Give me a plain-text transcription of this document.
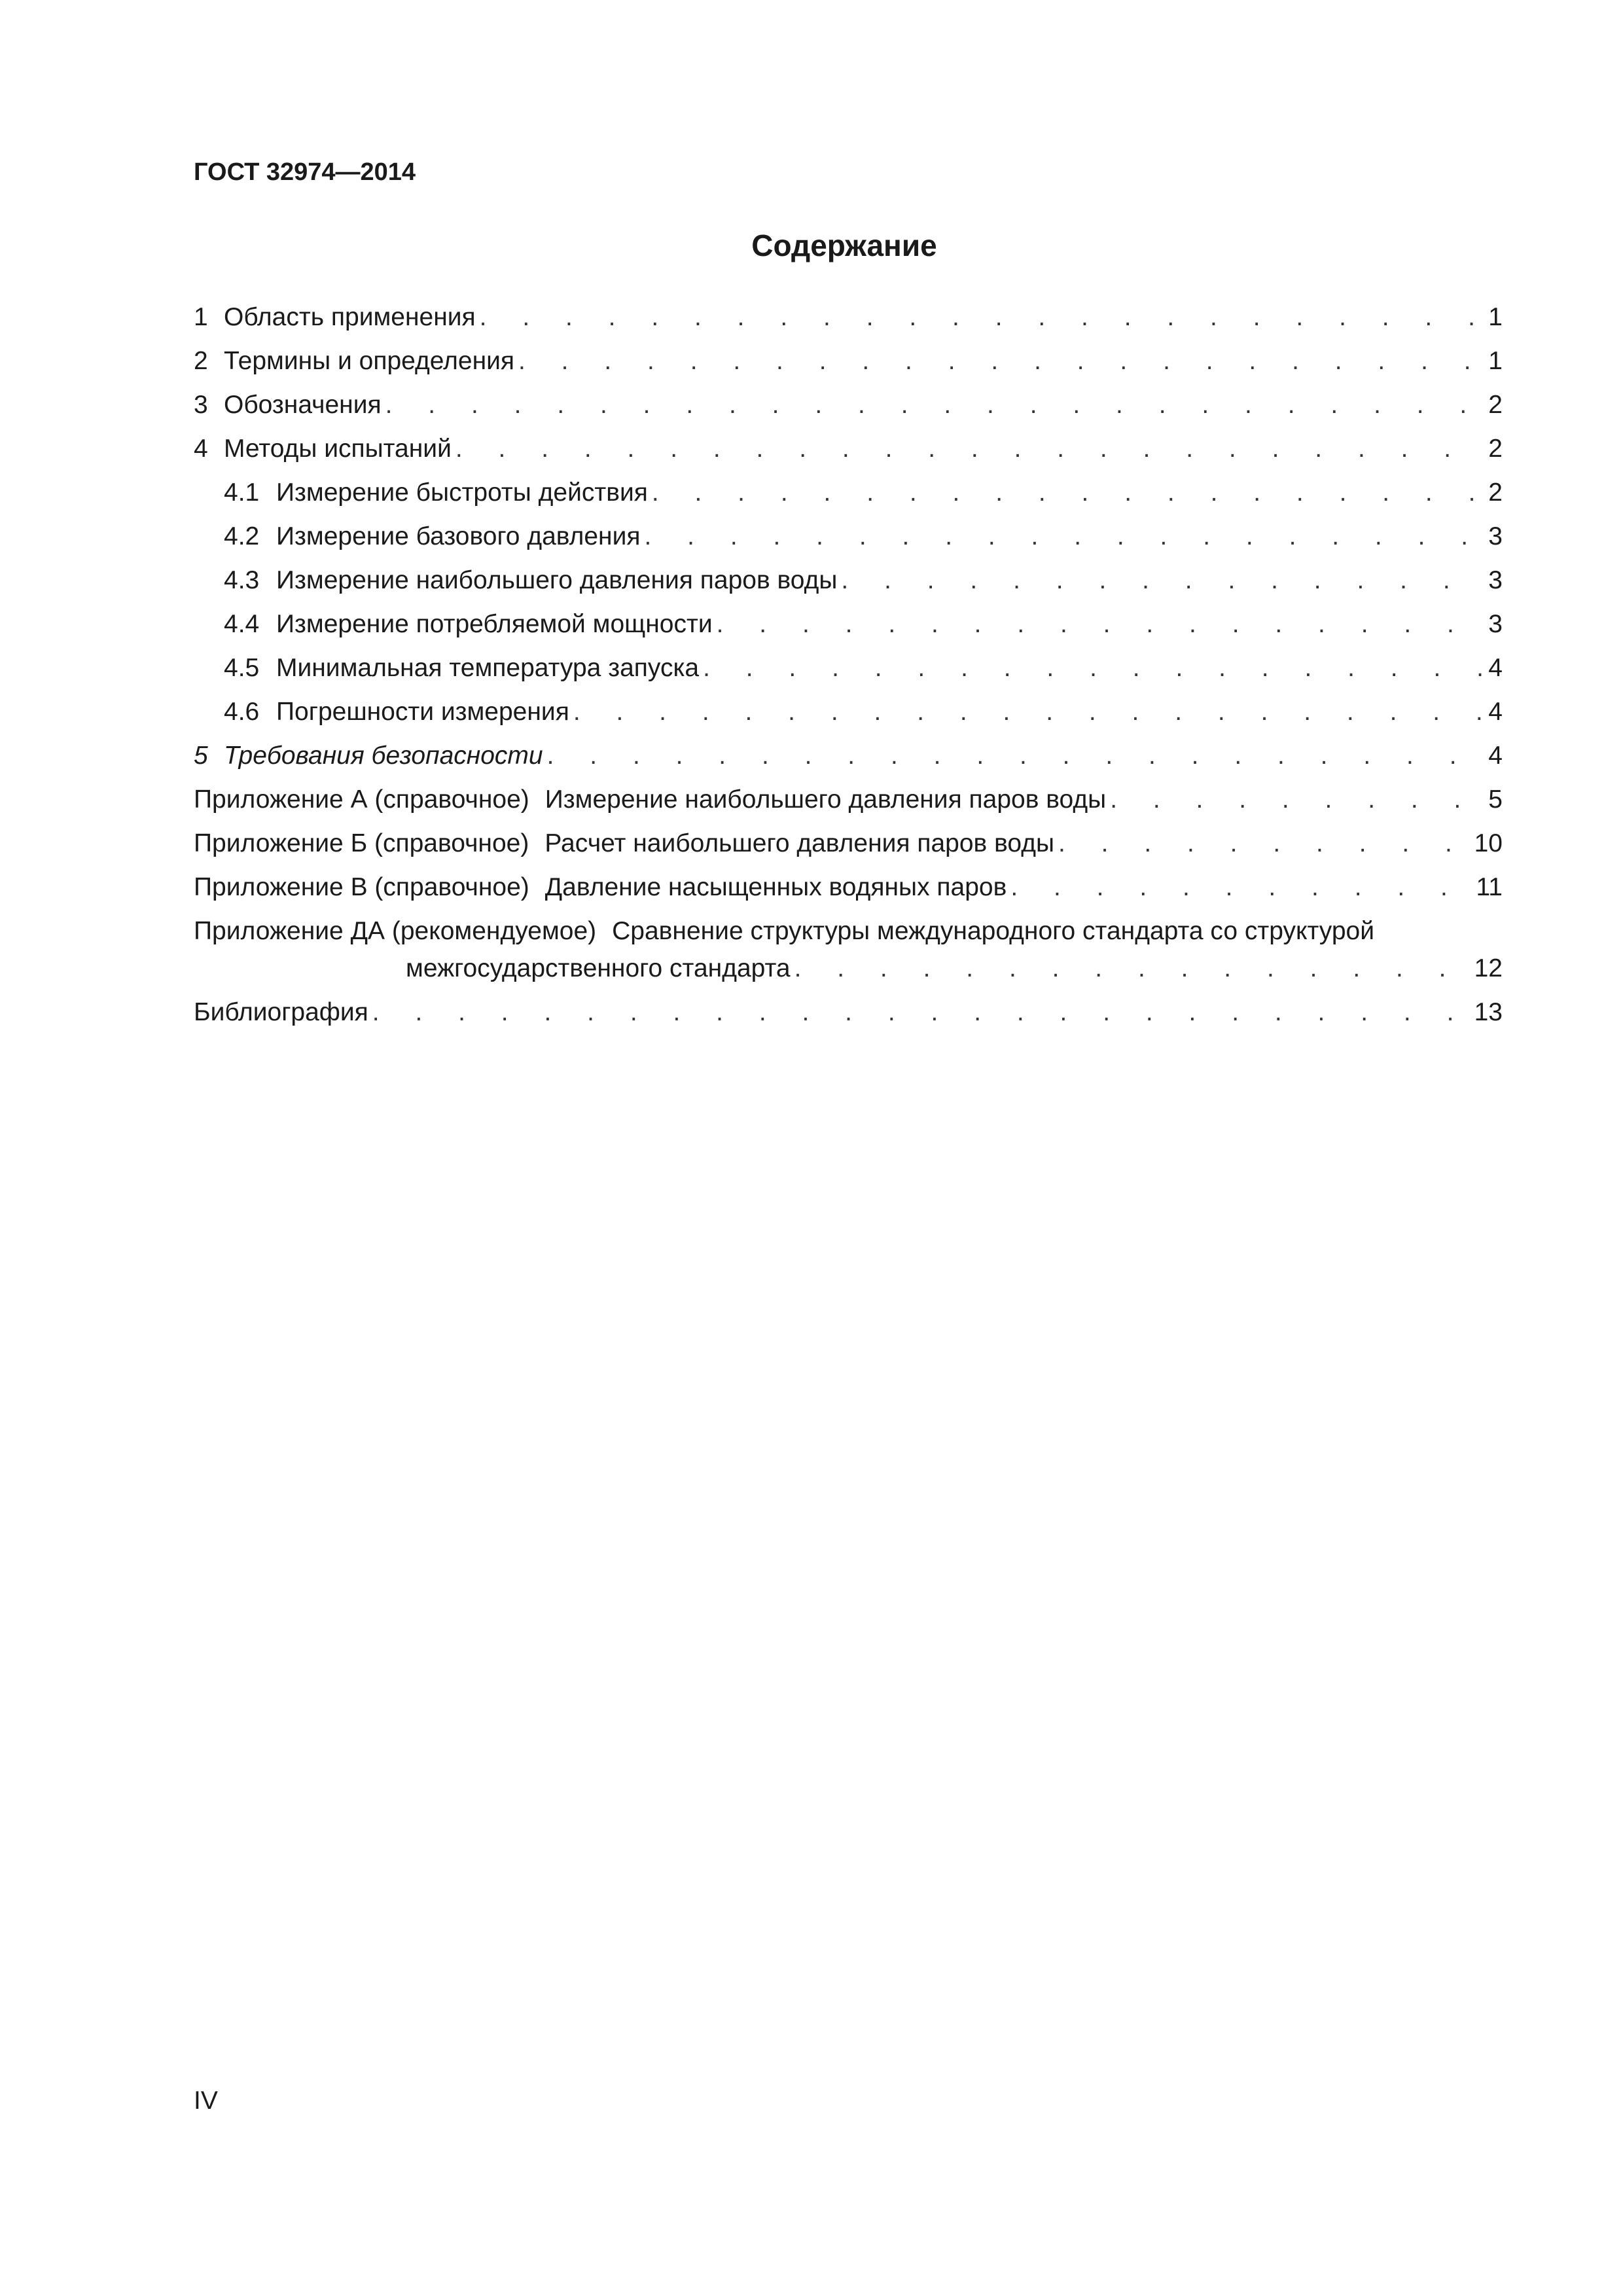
ГОСТ 32974—2014
Содержание
1 Область применения . . .	1
2 Термины и определения . . .	1
3 Обозначения . . .	2
4 Методы испытаний . . .	2
4.1 Измерение быстроты действия . . .	2
4.2 Измерение базового давления . . .	3
4.3 Измерение наибольшего давления паров воды . . .	3
4.4 Измерение потребляемой мощности . . .	3
4.5 Минимальная температура запуска . . .	4
4.6 Погрешности измерения . . .	4
5 Требования безопасности . . .	4
Приложение А (справочное) Измерение наибольшего давления паров воды . . .	5
Приложение Б (справочное) Расчет наибольшего давления паров воды . . .	10
Приложение В (справочное) Давление насыщенных водяных паров . . .	11
Приложение ДА (рекомендуемое) Сравнение структуры международного стандарта со структурой
межгосударственного стандарта . . .	12
Библиография . . .	13
IV
